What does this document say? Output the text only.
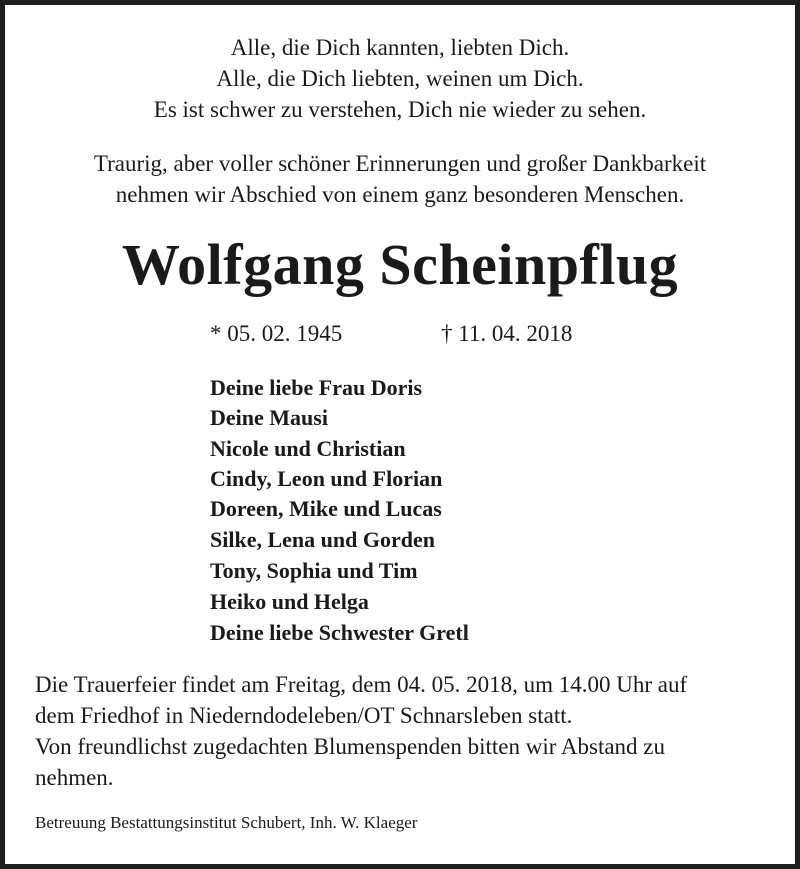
Alle, die Dich kannten, liebten Dich.
Alle, die Dich liebten, weinen um Dich.
Es ist schwer zu verstehen, Dich nie wieder zu sehen.
Traurig, aber voller schöner Erinnerungen und großer Dankbarkeit
nehmen wir Abschied von einem ganz besonderen Menschen.
Wolfgang Scheinpflug
* 05. 02. 1945	† 11. 04. 2018
Deine liebe Frau Doris
Deine Mausi
Nicole und Christian
Cindy, Leon und Florian
Doreen, Mike und Lucas
Silke, Lena und Gorden
Tony, Sophia und Tim
Heiko und Helga
Deine liebe Schwester Gretl
Die Trauerfeier findet am Freitag, dem 04. 05. 2018, um 14.00 Uhr auf
dem Friedhof in Niederndodeleben/OT Schnarsleben statt.
Von freundlichst zugedachten Blumenspenden bitten wir Abstand zu
nehmen.
Betreuung Bestattungsinstitut Schubert, Inh. W. Klaeger
